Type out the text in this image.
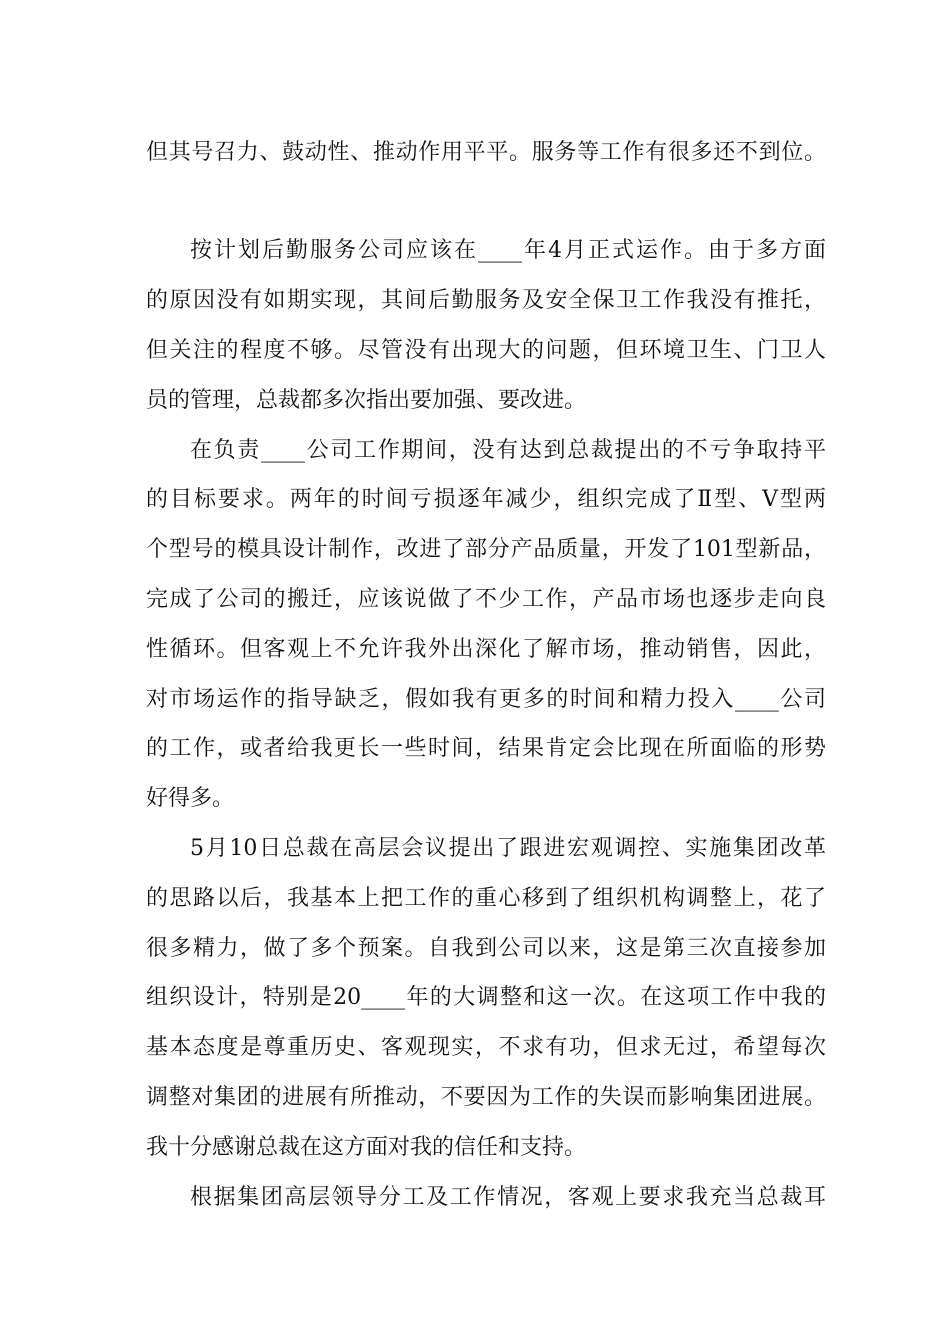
但其号召力、鼓动性、推动作用平平。服务等工作有很多还不到位。

按计划后勤服务公司应该在____年4月正式运作。由于多方面

的原因没有如期实现，其间后勤服务及安全保卫工作我没有推托，

但关注的程度不够。尽管没有出现大的问题，但环境卫生、门卫人

员的管理，总裁都多次指出要加强、要改进。

在负责____公司工作期间，没有达到总裁提出的不亏争取持平

的目标要求。两年的时间亏损逐年减少，组织完成了Ⅱ型、Ⅴ型两

个型号的模具设计制作，改进了部分产品质量，开发了101型新品，

完成了公司的搬迁，应该说做了不少工作，产品市场也逐步走向良

性循环。但客观上不允许我外出深化了解市场，推动销售，因此，

对市场运作的指导缺乏，假如我有更多的时间和精力投入____公司

的工作，或者给我更长一些时间，结果肯定会比现在所面临的形势

好得多。

5月10日总裁在高层会议提出了跟进宏观调控、实施集团改革

的思路以后，我基本上把工作的重心移到了组织机构调整上，花了

很多精力，做了多个预案。自我到公司以来，这是第三次直接参加

组织设计，特别是20____年的大调整和这一次。在这项工作中我的

基本态度是尊重历史、客观现实，不求有功，但求无过，希望每次

调整对集团的进展有所推动，不要因为工作的失误而影响集团进展。

我十分感谢总裁在这方面对我的信任和支持。

根据集团高层领导分工及工作情况，客观上要求我充当总裁耳
